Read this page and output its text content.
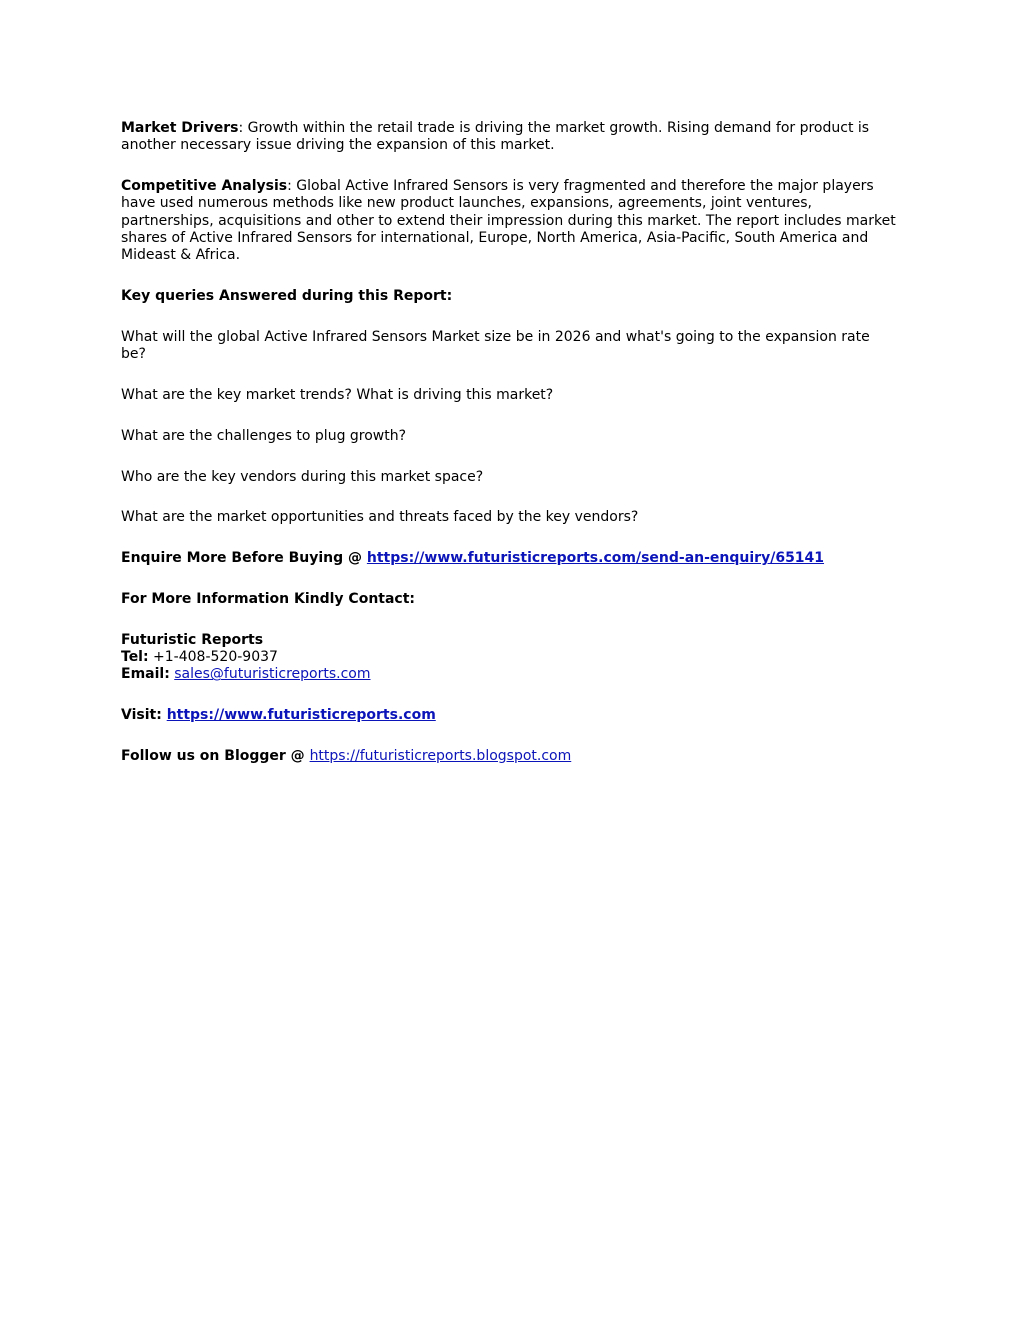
Market Drivers: Growth within the retail trade is driving the market growth. Rising demand for product is another necessary issue driving the expansion of this market.

Competitive Analysis: Global Active Infrared Sensors is very fragmented and therefore the major players have used numerous methods like new product launches, expansions, agreements, joint ventures, partnerships, acquisitions and other to extend their impression during this market. The report includes market shares of Active Infrared Sensors for international, Europe, North America, Asia-Pacific, South America and Mideast & Africa.

Key queries Answered during this Report:

What will the global Active Infrared Sensors Market size be in 2026 and what's going to the expansion rate be?

What are the key market trends? What is driving this market?

What are the challenges to plug growth?

Who are the key vendors during this market space?

What are the market opportunities and threats faced by the key vendors?

Enquire More Before Buying @ https://www.futuristicreports.com/send-an-enquiry/65141

For More Information Kindly Contact:

Futuristic Reports
Tel: +1-408-520-9037
Email: sales@futuristicreports.com

Visit: https://www.futuristicreports.com

Follow us on Blogger @ https://futuristicreports.blogspot.com
